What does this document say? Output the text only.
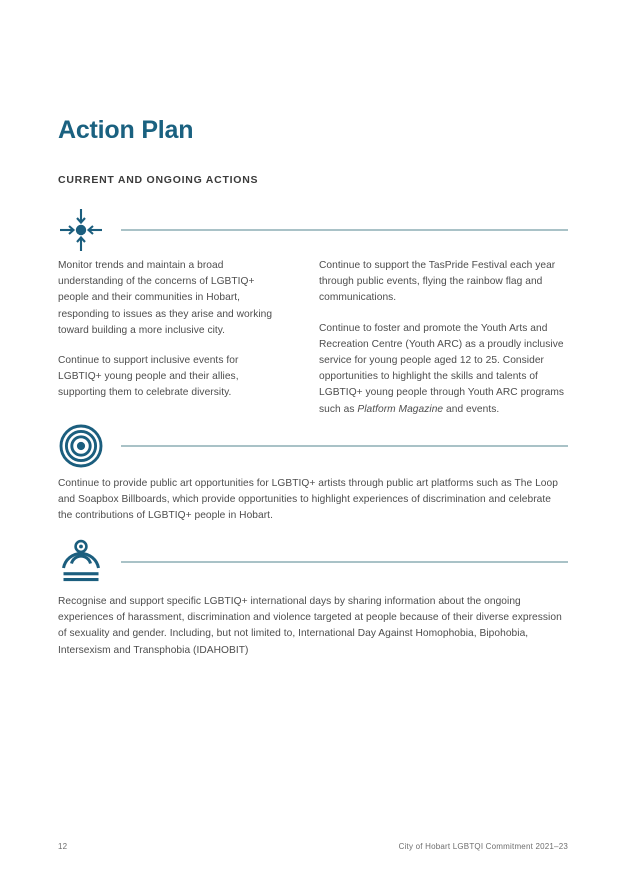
Action Plan
CURRENT AND ONGOING ACTIONS

Monitor trends and maintain a broad understanding of the concerns of LGBTIQ+ people and their communities in Hobart, responding to issues as they arise and working toward building a more inclusive city.

Continue to support inclusive events for LGBTIQ+ young people and their allies, supporting them to celebrate diversity.

Continue to support the TasPride Festival each year through public events, flying the rainbow flag and communications.

Continue to foster and promote the Youth Arts and Recreation Centre (Youth ARC) as a proudly inclusive service for young people aged 12 to 25. Consider opportunities to highlight the skills and talents of LGBTIQ+ young people through Youth ARC programs such as Platform Magazine and events.

Continue to provide public art opportunities for LGBTIQ+ artists through public art platforms such as The Loop and Soapbox Billboards, which provide opportunities to highlight experiences of discrimination and celebrate the contributions of LGBTIQ+ people in Hobart.

Recognise and support specific LGBTIQ+ international days by sharing information about the ongoing experiences of harassment, discrimination and violence targeted at people because of their diverse expression of sexuality and gender. Including, but not limited to, International Day Against Homophobia, Bipohobia, Intersexism and Transphobia (IDAHOBIT)

12	City of Hobart LGBTQI Commitment 2021–23
